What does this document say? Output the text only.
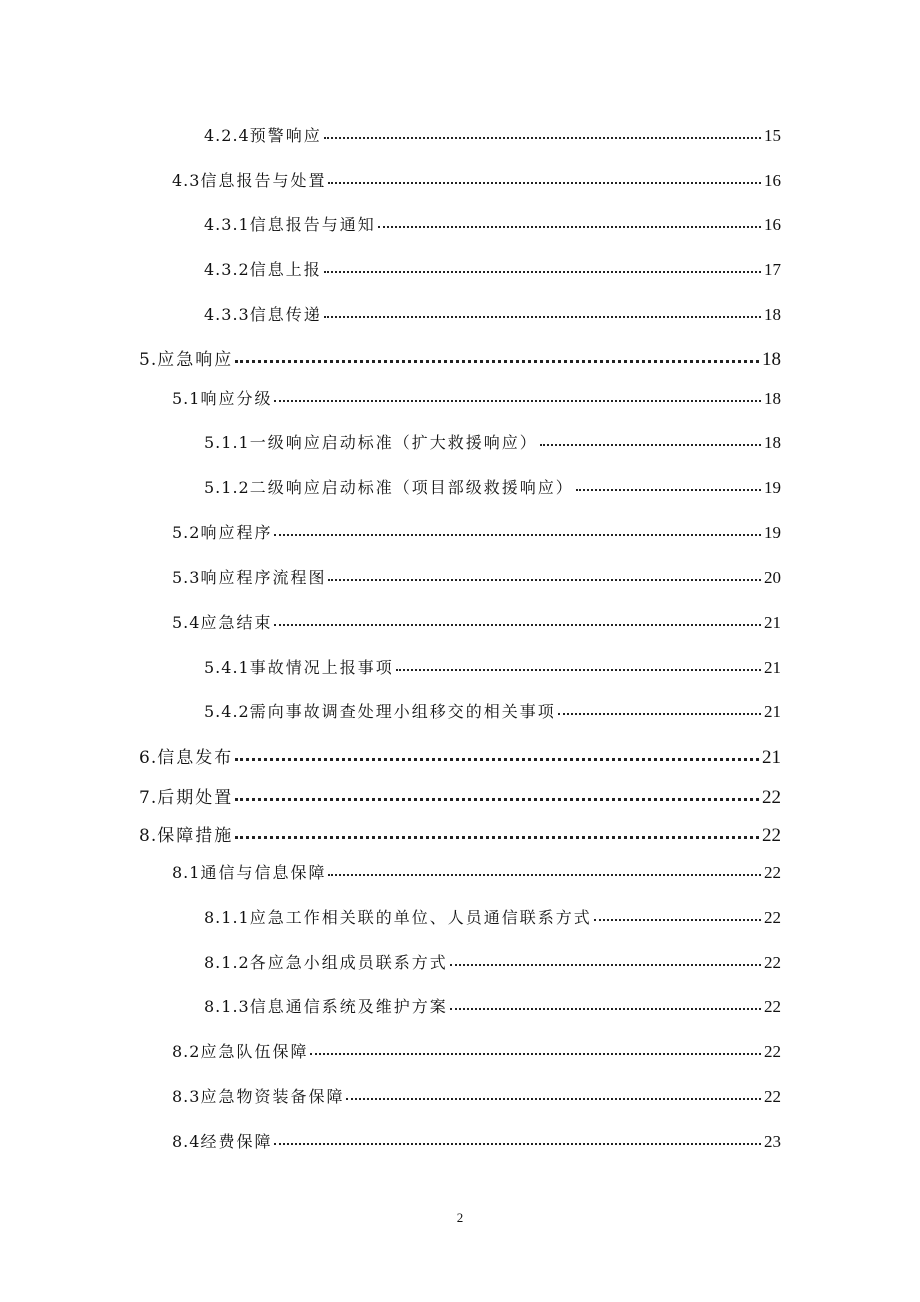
4.2.4 预警响应	15
4.3 信息报告与处置	16
4.3.1 信息报告与通知	16
4.3.2 信息上报	17
4.3.3 信息传递	18
5. 应急响应	18
5.1 响应分级	18
5.1.1 一级响应启动标准（扩大救援响应）	18
5.1.2 二级响应启动标准（项目部级救援响应）	19
5.2 响应程序	19
5.3 响应程序流程图	20
5.4 应急结束	21
5.4.1 事故情况上报事项	21
5.4.2 需向事故调查处理小组移交的相关事项	21
6. 信息发布	21
7. 后期处置	22
8. 保障措施	22
8.1 通信与信息保障	22
8.1.1 应急工作相关联的单位、人员通信联系方式	22
8.1.2 各应急小组成员联系方式	22
8.1.3 信息通信系统及维护方案	22
8.2 应急队伍保障	22
8.3 应急物资装备保障	22
8.4 经费保障	23
2
